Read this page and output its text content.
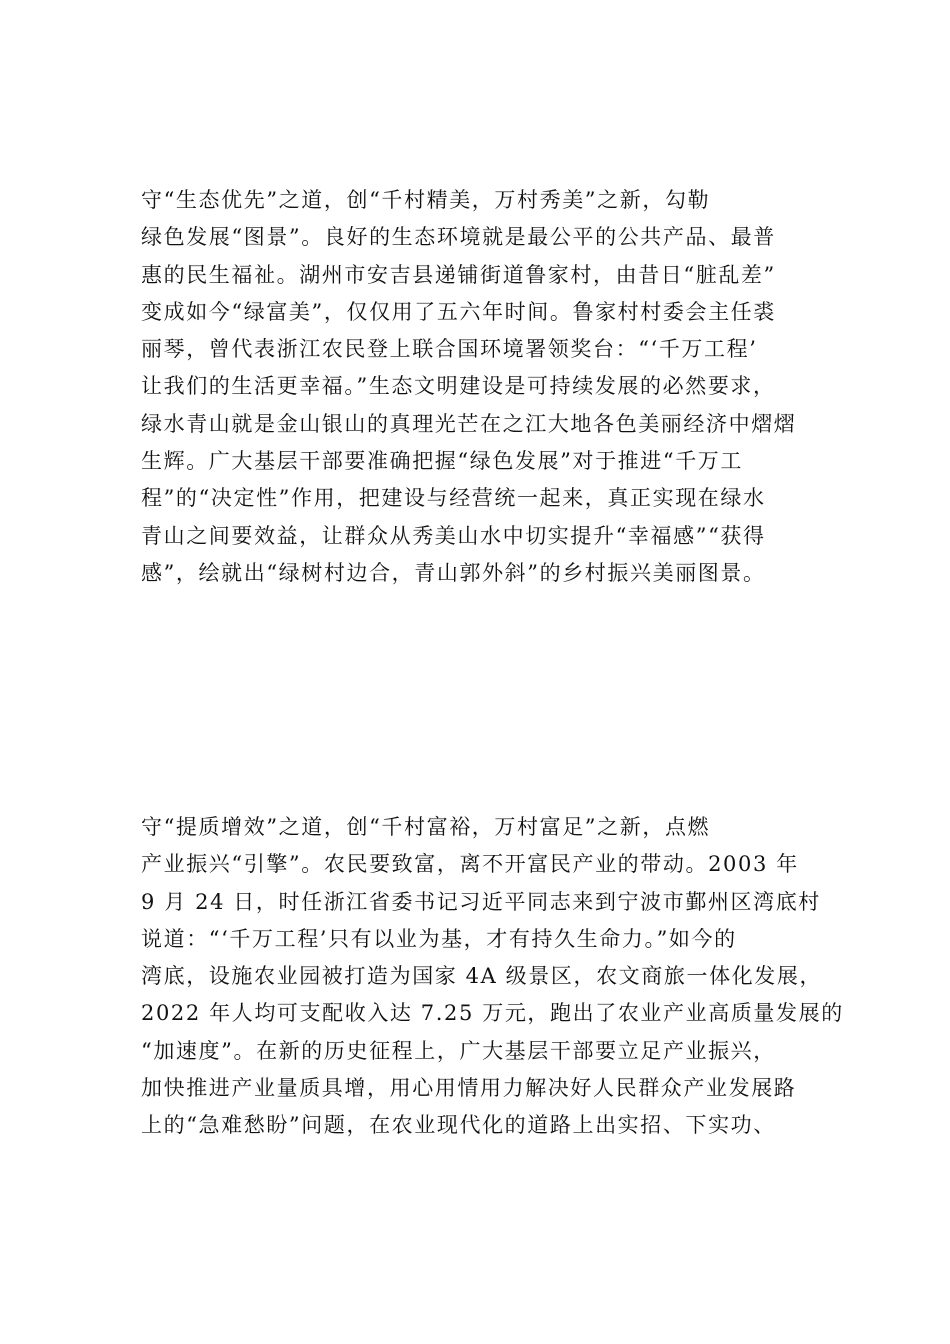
守“生态优先”之道，创“千村精美，万村秀美”之新，勾勒
绿色发展“图景”。良好的生态环境就是最公平的公共产品、最普
惠的民生福祉。湖州市安吉县递铺街道鲁家村，由昔日“脏乱差”
变成如今“绿富美”，仅仅用了五六年时间。鲁家村村委会主任裘
丽琴，曾代表浙江农民登上联合国环境署领奖台：“‘千万工程’
让我们的生活更幸福。”生态文明建设是可持续发展的必然要求，
绿水青山就是金山银山的真理光芒在之江大地各色美丽经济中熠熠
生辉。广大基层干部要准确把握“绿色发展”对于推进“千万工
程”的“决定性”作用，把建设与经营统一起来，真正实现在绿水
青山之间要效益，让群众从秀美山水中切实提升“幸福感”“获得
感”，绘就出“绿树村边合，青山郭外斜”的乡村振兴美丽图景。

守“提质增效”之道，创“千村富裕，万村富足”之新，点燃
产业振兴“引擎”。农民要致富，离不开富民产业的带动。2003 年
9 月 24 日，时任浙江省委书记习近平同志来到宁波市鄞州区湾底村
说道：“‘千万工程’只有以业为基，才有持久生命力。”如今的
湾底，设施农业园被打造为国家 4A 级景区，农文商旅一体化发展，
2022 年人均可支配收入达 7.25 万元，跑出了农业产业高质量发展的
“加速度”。在新的历史征程上，广大基层干部要立足产业振兴，
加快推进产业量质具增，用心用情用力解决好人民群众产业发展路
上的“急难愁盼”问题，在农业现代化的道路上出实招、下实功、
